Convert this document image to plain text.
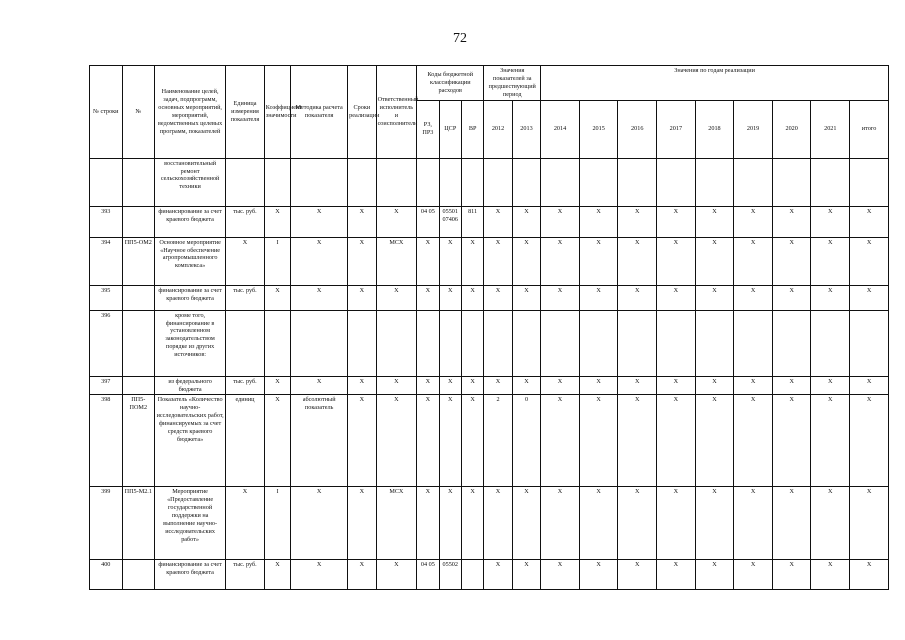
72
№ строки	№	Наименование целей, задач, подпрограмм, основных мероприятий, мероприятий, ведомственных целевых программ, показателей	Единица измерения показателя	Коэффициент значимости	Методика расчета показателя	Сроки реализации	Ответственный исполнитель и соисполнители	Коды бюджетной классификации расходов			Значения показателей за предшествующий период		Значения по годам реализации								
								РЗ, ПР3	ЦСР	ВР	2012	2013	2014	2015	2016	2017	2018	2019	2020	2021	итого
		восстановительный ремонт сельскохозяйственной техники																			
393		финансирование за счет краевого бюджета	тыс. руб.	X	X	X	X	04 05	05501 07406	811	X	X	X	X	X	X	X	X	X	X	X
394	ПП5-ОМ2	Основное мероприятие «Научное обеспечение агропромышленного комплекса»	X	I	X	X	МСХ	X	X	X	X	X	X	X	X	X	X	X	X	X	X
395		финансирование за счет краевого бюджета	тыс. руб.	X	X	X	X	X	X	X	X	X	X	X	X	X	X	X	X	X	X
396		кроме того, финансирование в установленном законодательством порядке из других источников:																			
397		из федерального бюджета	тыс. руб.	X	X	X	X	X	X	X	X	X	X	X	X	X	X	X	X	X	X
398	ПП5-ПОМ2	Показатель «Количество научно-исследовательских работ, финансируемых за счет средств краевого бюджета»	единиц	X	абсолютный показатель	X	X	X	X	X	2	0	X	X	X	X	X	X	X	X	X
399	ПП5-М2.1	Мероприятие «Предоставление государственной поддержки на выполнение научно-исследовательских работ»	X	I	X	X	МСХ	X	X	X	X	X	X	X	X	X	X	X	X	X	X
400		финансирование за счет краевого бюджета	тыс. руб.	X	X	X	X	04 05	05502		X	X	X	X	X	X	X	X	X	X	X
